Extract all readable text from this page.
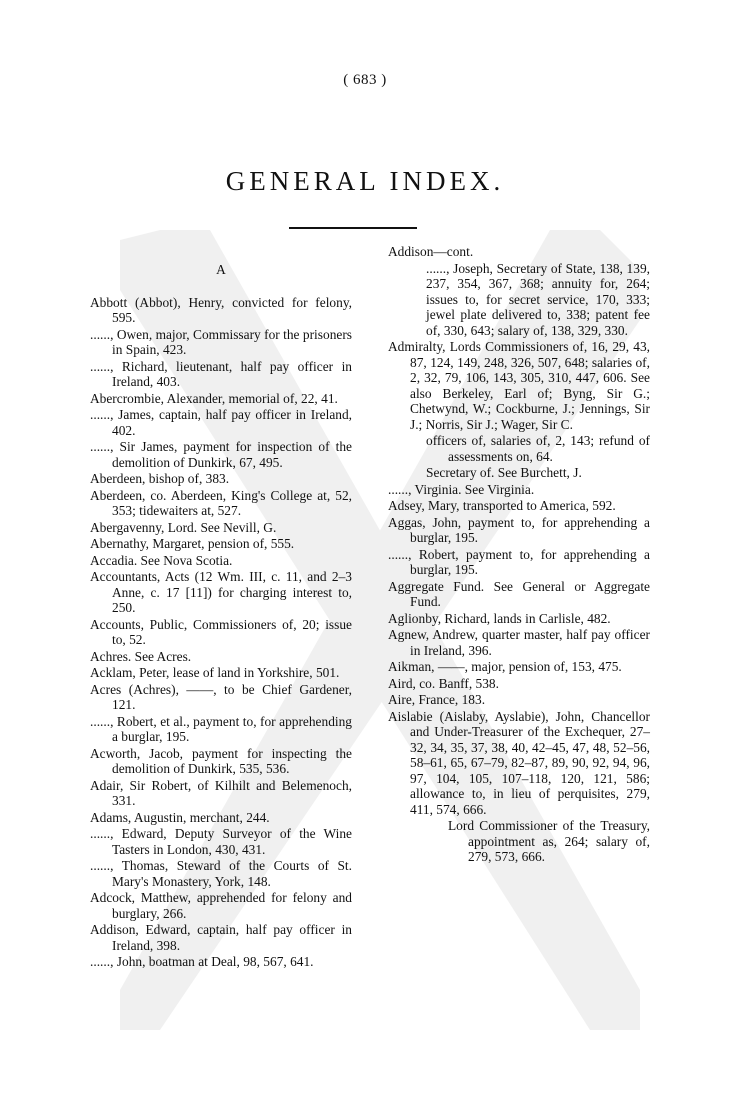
( 683 )
GENERAL INDEX.
A
Abbott (Abbot), Henry, convicted for felony, 595.
......, Owen, major, Commissary for the prisoners in Spain, 423.
......, Richard, lieutenant, half pay officer in Ireland, 403.
Abercrombie, Alexander, memorial of, 22, 41.
......, James, captain, half pay officer in Ireland, 402.
......, Sir James, payment for inspection of the demolition of Dunkirk, 67, 495.
Aberdeen, bishop of, 383.
Aberdeen, co. Aberdeen, King's College at, 52, 353; tidewaiters at, 527.
Abergavenny, Lord. See Nevill, G.
Abernathy, Margaret, pension of, 555.
Accadia. See Nova Scotia.
Accountants, Acts (12 Wm. III, c. 11, and 2–3 Anne, c. 17 [11]) for charging interest to, 250.
Accounts, Public, Commissioners of, 20; issue to, 52.
Achres. See Acres.
Acklam, Peter, lease of land in Yorkshire, 501.
Acres (Achres), ——, to be Chief Gardener, 121.
......, Robert, et al., payment to, for apprehending a burglar, 195.
Acworth, Jacob, payment for inspecting the demolition of Dunkirk, 535, 536.
Adair, Sir Robert, of Kilhilt and Belemenoch, 331.
Adams, Augustin, merchant, 244.
......, Edward, Deputy Surveyor of the Wine Tasters in London, 430, 431.
......, Thomas, Steward of the Courts of St. Mary's Monastery, York, 148.
Adcock, Matthew, apprehended for felony and burglary, 266.
Addison, Edward, captain, half pay officer in Ireland, 398.
......, John, boatman at Deal, 98, 567, 641.
Addison—cont.
......, Joseph, Secretary of State, 138, 139, 237, 354, 367, 368; annuity for, 264; issues to, for secret service, 170, 333; jewel plate delivered to, 338; patent fee of, 330, 643; salary of, 138, 329, 330.
Admiralty, Lords Commissioners of, 16, 29, 43, 87, 124, 149, 248, 326, 507, 648; salaries of, 2, 32, 79, 106, 143, 305, 310, 447, 606. See also Berkeley, Earl of; Byng, Sir G.; Chetwynd, W.; Cockburne, J.; Jennings, Sir J.; Norris, Sir J.; Wager, Sir C.
officers of, salaries of, 2, 143; refund of assessments on, 64.
Secretary of. See Burchett, J.
......, Virginia. See Virginia.
Adsey, Mary, transported to America, 592.
Aggas, John, payment to, for apprehending a burglar, 195.
......, Robert, payment to, for apprehending a burglar, 195.
Aggregate Fund. See General or Aggregate Fund.
Aglionby, Richard, lands in Carlisle, 482.
Agnew, Andrew, quarter master, half pay officer in Ireland, 396.
Aikman, ——, major, pension of, 153, 475.
Aird, co. Banff, 538.
Aire, France, 183.
Aislabie (Aislaby, Ayslabie), John, Chancellor and Under-Treasurer of the Exchequer, 27–32, 34, 35, 37, 38, 40, 42–45, 47, 48, 52–56, 58–61, 65, 67–79, 82–87, 89, 90, 92, 94, 96, 97, 104, 105, 107–118, 120, 121, 586; allowance to, in lieu of perquisites, 279, 411, 574, 666.
Lord Commissioner of the Treasury, appointment as, 264; salary of, 279, 573, 666.
